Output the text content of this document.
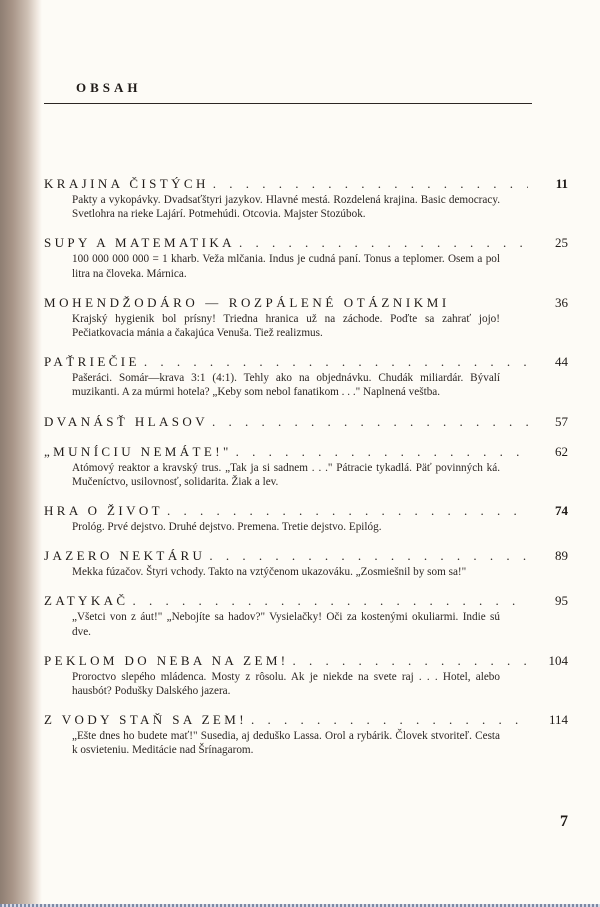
OBSAH
KRAJINA ČISTÝCH . . .	11
Pakty a vykopávky. Dvadsaťštyri jazykov. Hlavné mestá. Rozdelená krajina. Basic democracy. Svetlohra na rieke Lajárí. Potmehúdi. Otcovia. Majster Stozúbok.
SUPY A MATEMATIKA . . .	25
100 000 000 000 = 1 kharb. Veža mlčania. Indus je cudná paní. Tonus a teplomer. Osem a pol litra na človeka. Márnica.
MOHENDŽODÁRO — ROZPÁLENÉ OTÁZNIKMI	36
Krajský hygienik bol prísny! Triedna hranica už na záchode. Poďte sa zahrať jojo! Pečiatkovacia mánia a čakajúca Venuša. Tiež realizmus.
PAŤRIEČIE . . .	44
Pašeráci. Somár—krava 3:1 (4:1). Tehly ako na objednávku. Chudák miliardár. Bývalí muzikanti. A za múrmi hotela? „Keby som nebol fanatikom . . ." Naplnená veštba.
DVANÁSŤ HLASOV . . .	57
„MUNÍCIU NEMÁTE!" . . .	62
Atómový reaktor a kravský trus. „Tak ja si sadnem . . ." Pátracie tykadlá. Päť povinných ká. Mučeníctvo, usilovnosť, solidarita. Žiak a lev.
HRA O ŽIVOT . . .	74
Prológ. Prvé dejstvo. Druhé dejstvo. Premena. Tretie dejstvo. Epilóg.
JAZERO NEKTÁRU . . .	89
Mekka fúzačov. Štyri vchody. Takto na vztýčenom ukazováku. „Zosmiešnil by som sa!"
ZATYKAČ . . .	95
„Všetci von z áut!" „Nebojíte sa hadov?" Vysielačky! Oči za kostenými okuliarmi. Indie sú dve.
PEKLOM DO NEBA NA ZEM! . . .	104
Proroctvo slepého mládenca. Mosty z rôsolu. Ak je niekde na svete raj . . . Hotel, alebo hausbót? Podušky Dalského jazera.
Z VODY STAŇ SA ZEM! . . .	114
„Ešte dnes ho budete mať!" Susedia, aj deduško Lassa. Orol a rybárik. Človek stvoriteľ. Cesta k osvieteniu. Meditácie nad Šrínagarom.
7
